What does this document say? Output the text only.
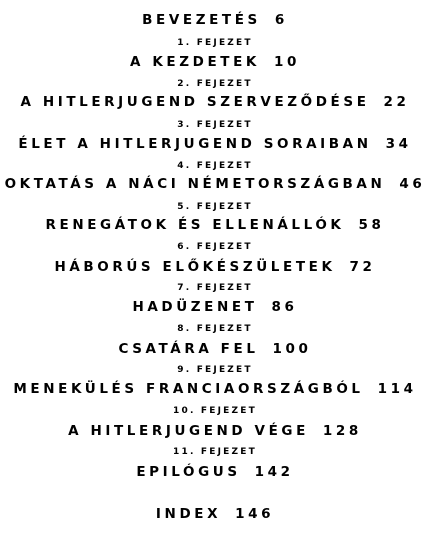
BEVEZETÉS 6
1. FEJEZET
A KEZDETEK 10
2. FEJEZET
A HITLERJUGEND SZERVEZŐDÉSE 22
3. FEJEZET
ÉLET A HITLERJUGEND SORAIBAN 34
4. FEJEZET
OKTATÁS A NÁCI NÉMETORSZÁGBAN 46
5. FEJEZET
RENEGÁTOK ÉS ELLENÁLLÓK 58
6. FEJEZET
HÁBORÚS ELŐKÉSZÜLETEK 72
7. FEJEZET
HADÜZENET 86
8. FEJEZET
CSATÁRA FEL 100
9. FEJEZET
MENEKÜLÉS FRANCIAORSZÁGBÓL 114
10. FEJEZET
A HITLERJUGEND VÉGE 128
11. FEJEZET
EPILÓGUS 142
INDEX 146
